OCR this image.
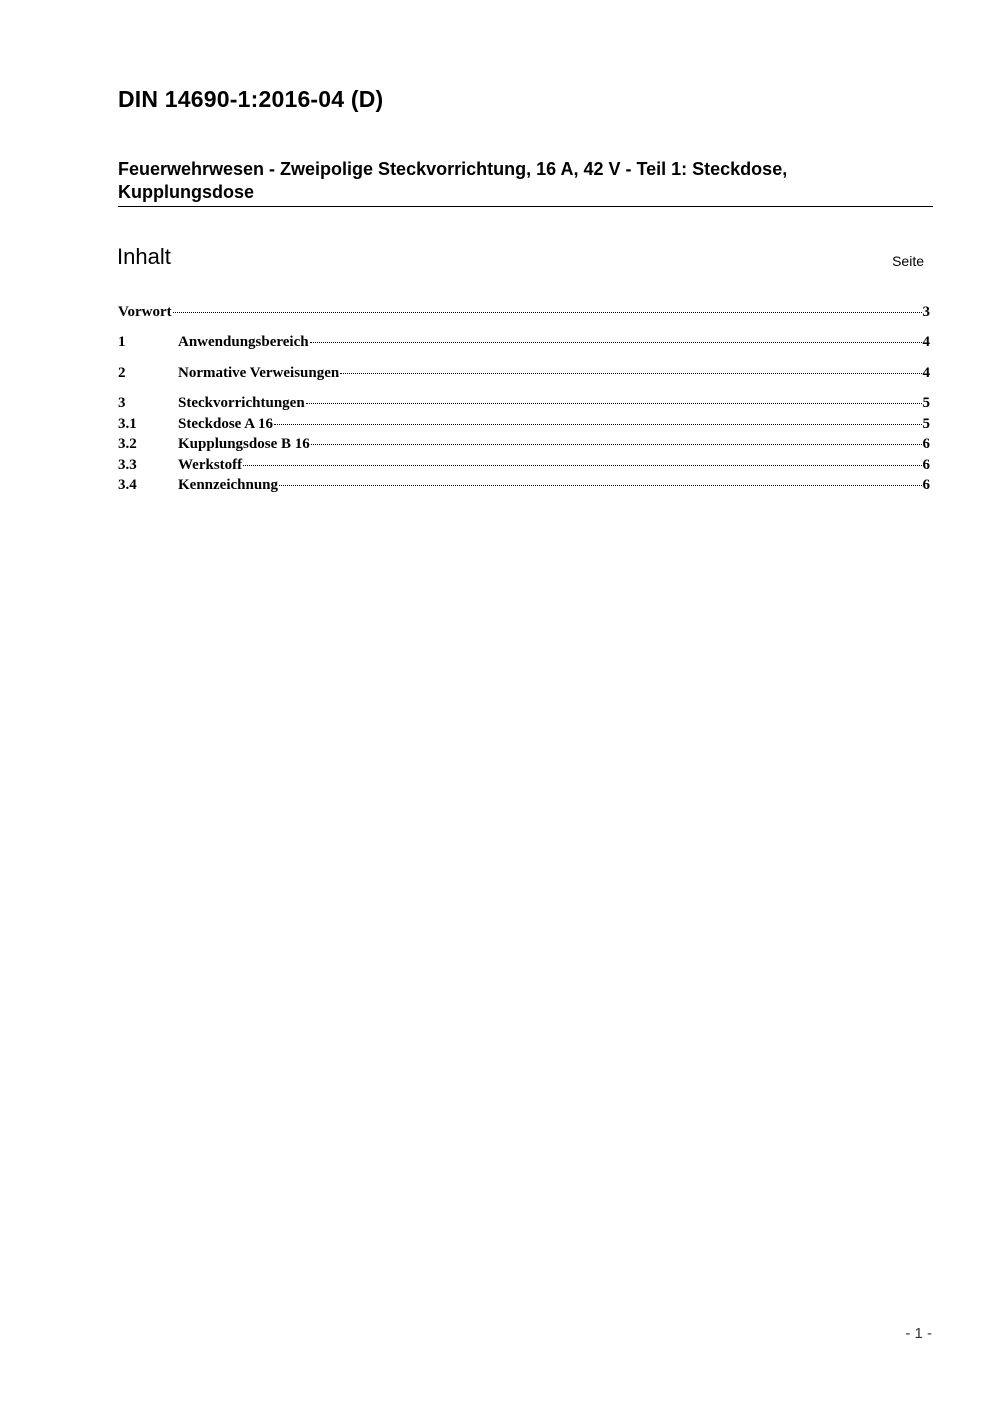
DIN 14690-1:2016-04 (D)
Feuerwehrwesen - Zweipolige Steckvorrichtung, 16 A, 42 V - Teil 1: Steckdose, Kupplungsdose
Inhalt	Seite
Vorwort	3
1	Anwendungsbereich	4
2	Normative Verweisungen	4
3	Steckvorrichtungen	5
3.1	Steckdose A 16	5
3.2	Kupplungsdose B 16	6
3.3	Werkstoff	6
3.4	Kennzeichnung	6
- 1 -
